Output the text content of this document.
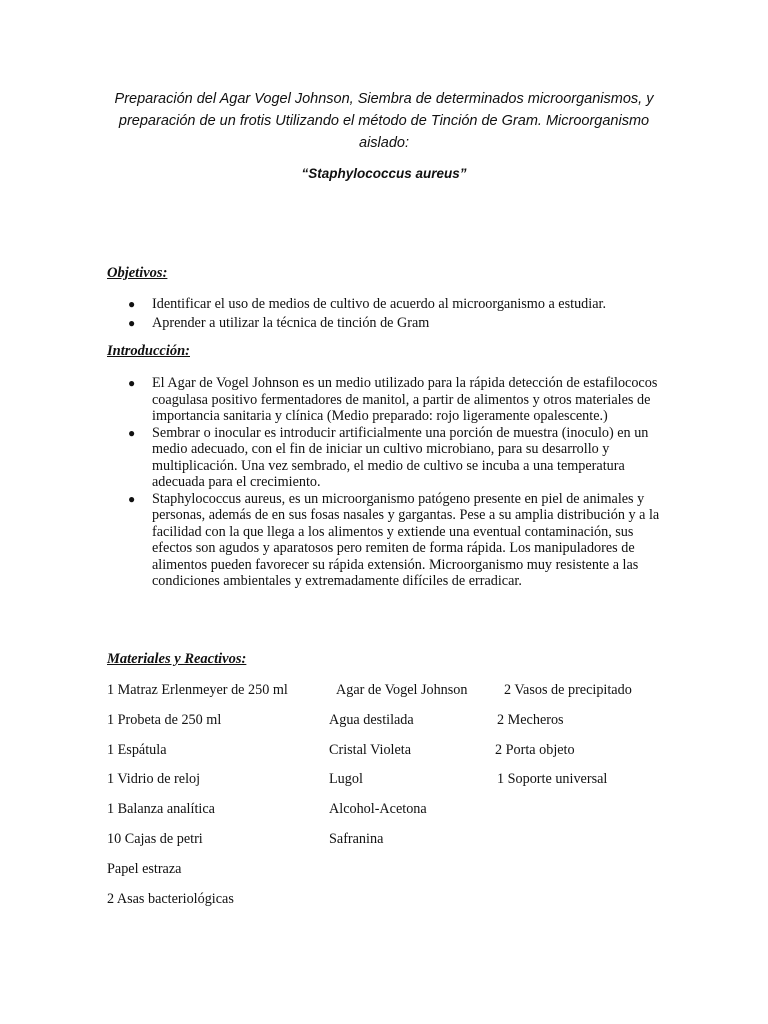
Preparación del Agar Vogel Johnson, Siembra de determinados microorganismos, y preparación de un frotis Utilizando el método de Tinción de Gram. Microorganismo aislado:
“Staphylococcus aureus”
Objetivos:
● Identificar el uso de medios de cultivo de acuerdo al microorganismo a estudiar.
● Aprender a utilizar la técnica de tinción de Gram
Introducción:
● El Agar de Vogel Johnson es un medio utilizado para la rápida detección de estafilococos coagulasa positivo fermentadores de manitol, a partir de alimentos y otros materiales de importancia sanitaria y clínica (Medio preparado: rojo ligeramente opalescente.)
● Sembrar o inocular es introducir artificialmente una porción de muestra (inoculo) en un medio adecuado, con el fin de iniciar un cultivo microbiano, para su desarrollo y multiplicación. Una vez sembrado, el medio de cultivo se incuba a una temperatura adecuada para el crecimiento.
● Staphylococcus aureus, es un microorganismo patógeno presente en piel de animales y personas, además de en sus fosas nasales y gargantas. Pese a su amplia distribución y a la facilidad con la que llega a los alimentos y extiende una eventual contaminación, sus efectos son agudos y aparatosos pero remiten de forma rápida. Los manipuladores de alimentos pueden favorecer su rápida extensión. Microorganismo muy resistente a las condiciones ambientales y extremadamente difíciles de erradicar.
Materiales y Reactivos:
1 Matraz Erlenmeyer de 250 ml
1 Probeta de 250 ml
1 Espátula
1 Vidrio de reloj
1 Balanza analítica
10 Cajas de petri
Papel estraza
2 Asas bacteriológicas
Agar de Vogel Johnson
Agua destilada
Cristal Violeta
Lugol
Alcohol-Acetona
Safranina
2 Vasos de precipitado
2 Mecheros
2 Porta objeto
1 Soporte universal
